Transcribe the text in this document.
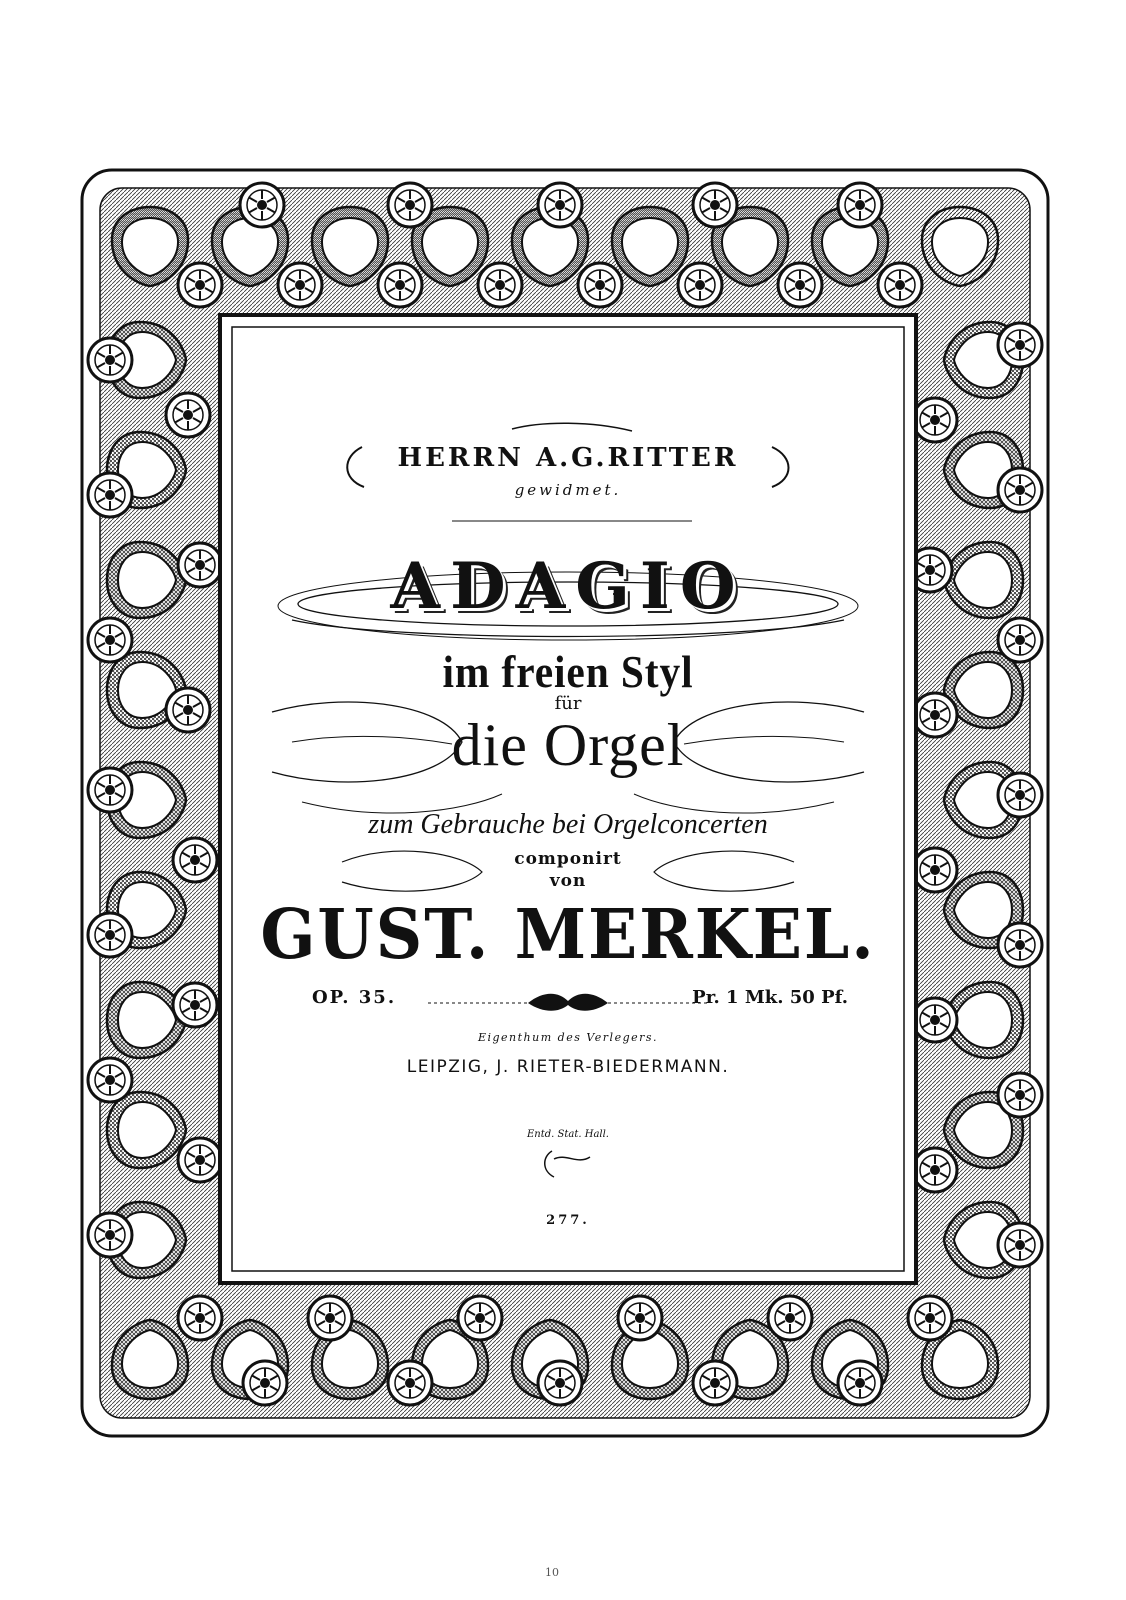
HERRN A.G.RITTER
gewidmet.
ADAGIO
im freien Styl
für
die Orgel
zum Gebrauche bei Orgelconcerten
componirt
von
GUST. MERKEL.
OP. 35.	Pr. 1 Mk. 50 Pf.
Eigenthum des Verlegers.
LEIPZIG, J. RIETER-BIEDERMANN.
Entd. Stat. Hall.
277.
10
